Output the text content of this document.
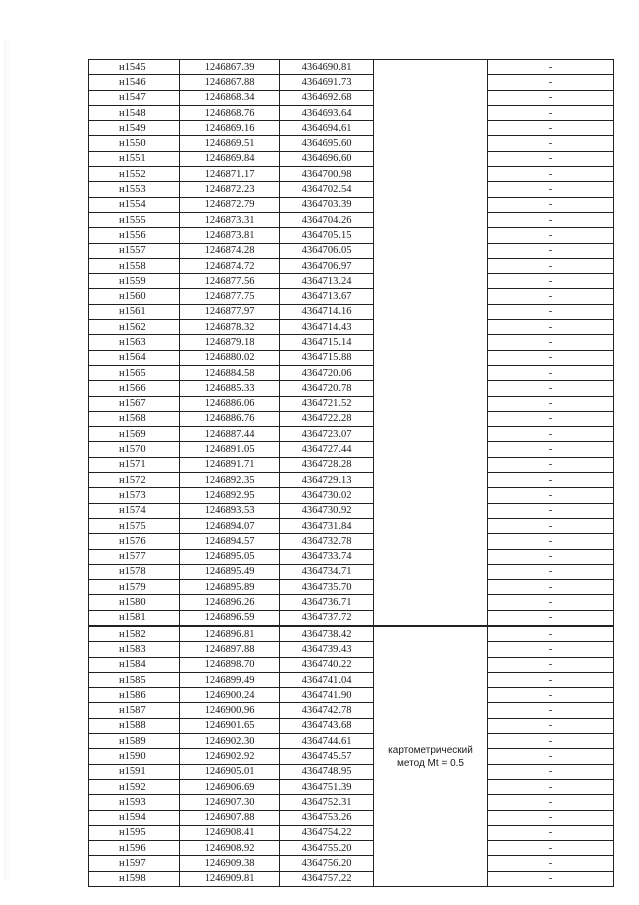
н1545	1246867.39	4364690.81		-
н1546	1246867.88	4364691.73		-
н1547	1246868.34	4364692.68		-
н1548	1246868.76	4364693.64		-
н1549	1246869.16	4364694.61		-
н1550	1246869.51	4364695.60		-
н1551	1246869.84	4364696.60		-
н1552	1246871.17	4364700.98		-
н1553	1246872.23	4364702.54		-
н1554	1246872.79	4364703.39		-
н1555	1246873.31	4364704.26		-
н1556	1246873.81	4364705.15		-
н1557	1246874.28	4364706.05		-
н1558	1246874.72	4364706.97		-
н1559	1246877.56	4364713.24		-
н1560	1246877.75	4364713.67		-
н1561	1246877.97	4364714.16		-
н1562	1246878.32	4364714.43		-
н1563	1246879.18	4364715.14		-
н1564	1246880.02	4364715.88		-
н1565	1246884.58	4364720.06		-
н1566	1246885.33	4364720.78		-
н1567	1246886.06	4364721.52		-
н1568	1246886.76	4364722.28		-
н1569	1246887.44	4364723.07		-
н1570	1246891.05	4364727.44		-
н1571	1246891.71	4364728.28		-
н1572	1246892.35	4364729.13		-
н1573	1246892.95	4364730.02		-
н1574	1246893.53	4364730.92		-
н1575	1246894.07	4364731.84		-
н1576	1246894.57	4364732.78		-
н1577	1246895.05	4364733.74		-
н1578	1246895.49	4364734.71		-
н1579	1246895.89	4364735.70		-
н1580	1246896.26	4364736.71		-
н1581	1246896.59	4364737.72		-
н1582	1246896.81	4364738.42	картометрический
метод Mt = 0.5	-
н1583	1246897.88	4364739.43		-
н1584	1246898.70	4364740.22		-
н1585	1246899.49	4364741.04		-
н1586	1246900.24	4364741.90		-
н1587	1246900.96	4364742.78		-
н1588	1246901.65	4364743.68		-
н1589	1246902.30	4364744.61		-
н1590	1246902.92	4364745.57		-
н1591	1246905.01	4364748.95		-
н1592	1246906.69	4364751.39		-
н1593	1246907.30	4364752.31		-
н1594	1246907.88	4364753.26		-
н1595	1246908.41	4364754.22		-
н1596	1246908.92	4364755.20		-
н1597	1246909.38	4364756.20		-
н1598	1246909.81	4364757.22		-
